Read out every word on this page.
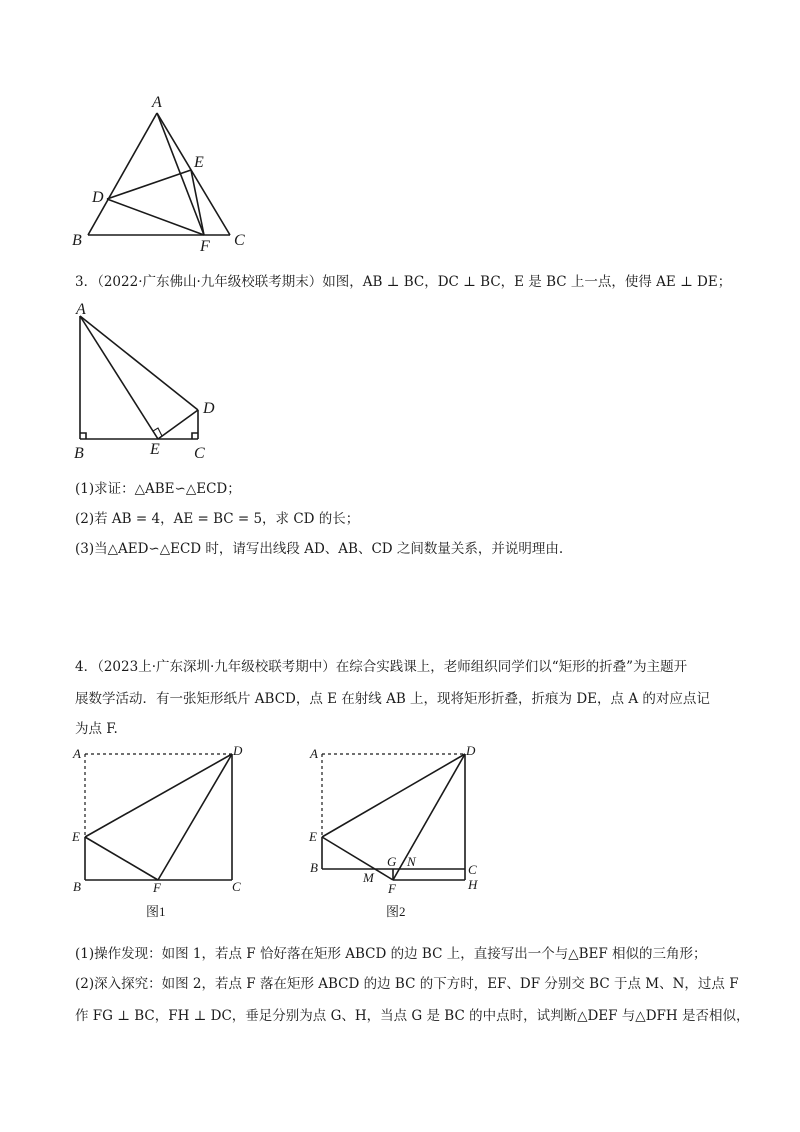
A
B	C
D
E
F
3．（2022·广东佛山·九年级校联考期末）如图，AB ⊥ BC，DC ⊥ BC，E 是 BC 上一点，使得 AE ⊥ DE；
A
B	E C
D
(1)求证：△ABE∽△ECD；
(2)若 AB = 4，AE = BC = 5，求 CD 的长；
(3)当△AED∽△ECD 时，请写出线段 AD、AB、CD 之间数量关系，并说明理由.
4．（2023上·广东深圳·九年级校联考期中）在综合实践课上，老师组织同学们以“矩形的折叠”为主题开
展数学活动．有一张矩形纸片 ABCD，点 E 在射线 AB 上，现将矩形折叠，折痕为 DE，点 A 的对应点记
为点 F.
A	D
E
B	F	C
图1
A	D
E
B	G N
M
F
C
H
图2
(1)操作发现：如图 1，若点 F 恰好落在矩形 ABCD 的边 BC 上，直接写出一个与△BEF 相似的三角形；
(2)深入探究：如图 2，若点 F 落在矩形 ABCD 的边 BC 的下方时，EF、DF 分别交 BC 于点 M、N，过点 F
作 FG ⊥ BC，FH ⊥ DC，垂足分别为点 G、H，当点 G 是 BC 的中点时，试判断△DEF 与△DFH 是否相似，
